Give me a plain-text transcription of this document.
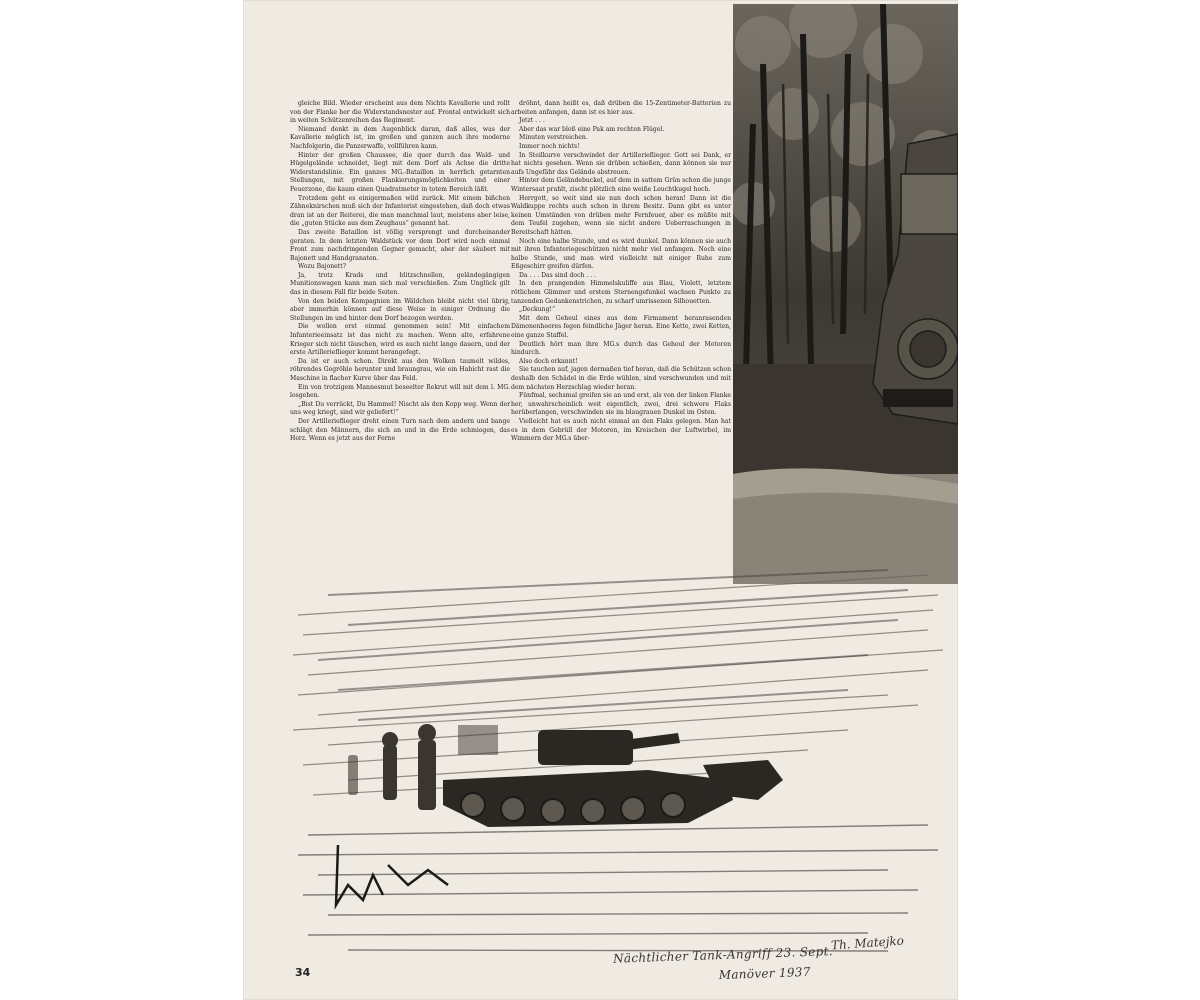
gleiche Bild. Wieder erscheint aus dem Nichts Kavallerie und rollt von der Flanke her die Widerstandsnester auf. Frontal entwickelt sich in weiten Schützenreihen das Regiment.

Niemand denkt in dem Augenblick daran, daß alles, was der Kavallerie möglich ist, im großen und ganzen auch ihre moderne Nachfolgerin, die Panzerwaffe, vollführen kann.

Hinter der großen Chaussee, die quer durch das Wald- und Hügelgelände schneidet, liegt mit dem Dorf als Achse die dritte Widerstandslinie. Ein ganzes MG.-Bataillon in herrlich getarnten Stellungen, mit großen Flankierungsmöglichkeiten und einer Feuerzone, die kaum einen Quadratmeter in totem Bereich läßt.

Trotzdem geht es einigermaßen wild zurück. Mit einem bißchen Zähneknirschen muß sich der Infanterist eingestehen, daß doch etwas dran ist an der Reiterei, die man manchmal laut, meistens aber leise, die „guten Stücke aus dem Zeughaus“ genannt hat.

Das zweite Bataillon ist völlig versprengt und durcheinander geraten. In dem letzten Waldstück vor dem Dorf wird noch einmal Front zum nachdringenden Gegner gemacht, aber der säubert mit Bajonett und Handgranaten.

Wozu Bajonett?

Ja, trotz Krads und blitzschnellen, geländegängigen Munitionswagen kann man sich mal verschießen. Zum Unglück gilt das in diesem Fall für beide Seiten.

Von den beiden Kompagnien im Wäldchen bleibt nicht viel übrig, aber immerhin können auf diese Weise in einiger Ordnung die Stellungen im und hinter dem Dorf bezogen werden.

Die wollen erst einmal genommen sein! Mit einfachem Infanterieeinsatz ist das nicht zu machen. Wenn alte, erfahrene Krieger sich nicht täuschen, wird es auch nicht lange dauern, und der erste Artillerieflieger kommt herangefegt.

Da ist er auch schon. Direkt aus den Wolken taumelt wildes, röhrendes Gegröhle herunter und braungrau, wie ein Habicht rast die Maschine in flacher Kurve über das Feld.

Ein von trotzigem Mannesmut beseelter Rekrut will mit dem l. MG. losgehen.

„Bist Du verrückt, Du Hammel! Nischt als den Kopp weg. Wenn der uns weg kriegt, sind wir geliefert!“

Der Artillerieflieger dreht einen Turn nach dem andern und bange schlägt den Männern, die sich an und in die Erde schmiegen, das Herz. Wenn es jetzt aus der Ferne

dröhnt, dann heißt es, daß drüben die 15-Zentimeter-Batterien zu arbeiten anfangen, dann ist es hier aus.

Jetzt . . .

Aber das war bloß eine Pak am rechten Flügel.

Minuten verstreichen.

Immer noch nichts!

In Steilkurve verschwindet der Artillerieflieger. Gott sei Dank, er hat nichts gesehen. Wenn sie drüben schießen, dann können sie nur aufs Ungefähr das Gelände abstreuen.

Hinter dem Geländebuckel, auf dem in sattem Grün schon die junge Wintersaat prahlt, zischt plötzlich eine weiße Leuchtkugel hoch.

Herrgott, so weit sind sie nun doch schon heran! Dann ist die Waldkuppe rechts auch schon in ihrem Besitz. Dann gibt es unter keinen Umständen von drüben mehr Fernfeuer, aber es müßte mit dem Teufel zugehen, wenn sie nicht andere Ueberraschungen in Bereitschaft hätten.

Noch eine halbe Stunde, und es wird dunkel. Dann können sie auch mit ihren Infanteriegeschützen nicht mehr viel anfangen. Noch eine halbe Stunde, und man wird vielleicht mit einiger Ruhe zum Eßgeschirr greifen dürfen.

Da . . . Das sind doch . . .

In den prangenden Himmelskuliffe aus Blau, Violett, letztem rötlichem Glimmer und erstem Sternengefunkel wachsen Punkte zu tanzenden Gedankenstrichen, zu scharf umrissenen Silhouetten.

„Deckung!“

Mit dem Geheul eines aus dem Firmament heranrasenden Dämonenheeres fegen feindliche Jäger heran. Eine Kette, zwei Ketten, eine ganze Staffel.

Deutlich hört man ihre MG.s durch das Geheul der Motoren hindurch.

Also doch erkannt!

Sie tauchen auf, jagen dermaßen tief heran, daß die Schützen schon deshalb den Schädel in die Erde wühlen, sind verschwunden und mit dem nächsten Herzschlag wieder heran.

Fünfmal, sechsmal greifen sie an und erst, als von der linken Flanke her, unwahrscheinlich weit eigentlich, zwei, drei schwere Flaks herüberlangen, verschwinden sie im blaugrauen Dunkel im Osten.

Vielleicht hat es auch nicht einmal an den Flaks gelegen. Man hat es in dem Gebrüll der Motoren, im Kreischen der Luftwirbel, im Wimmern der MG.s über-

34
Nächtlicher Tank-Angriff 23. Sept.
Manöver 1937
Th. Matejko
